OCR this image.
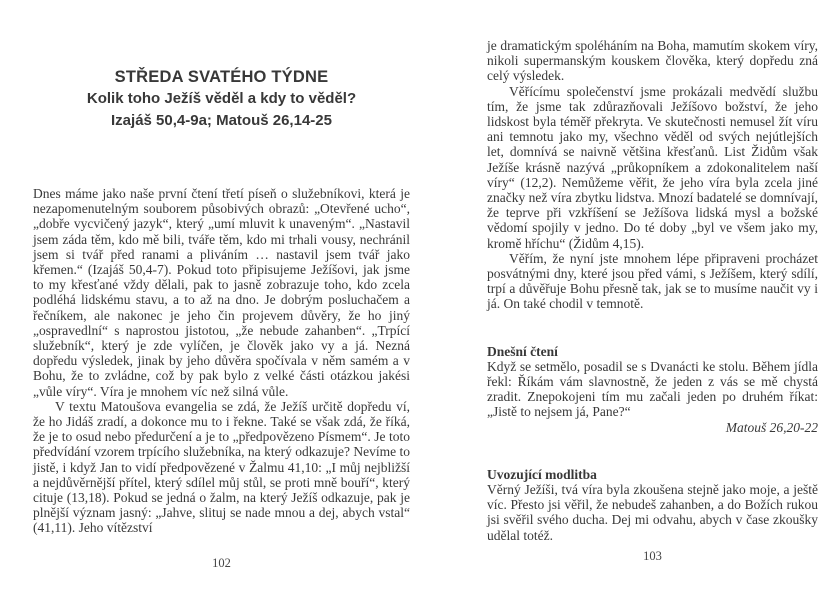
STŘEDA SVATÉHO TÝDNE
Kolik toho Ježíš věděl a kdy to věděl?
Izajáš 50,4-9a; Matouš 26,14-25

Dnes máme jako naše první čtení třetí píseň o služebníkovi, která je nezapomenutelným souborem působivých obrazů: „Otevřené ucho“, „dobře vycvičený jazyk“, který „umí mluvit k unaveným“. „Nastavil jsem záda těm, kdo mě bili, tváře těm, kdo mi trhali vousy, nechránil jsem si tvář před ranami a pliváním … nastavil jsem tvář jako křemen.“ (Izajáš 50,4-7). Pokud toto připisujeme Ježíšovi, jak jsme to my křesťané vždy dělali, pak to jasně zobrazuje toho, kdo zcela podléhá lidskému stavu, a to až na dno. Je dobrým posluchačem a řečníkem, ale nakonec je jeho čin projevem důvěry, že ho jiný „ospravedlní“ s naprostou jistotou, „že nebude zahanben“. „Trpící služebník“, který je zde vylíčen, je člověk jako vy a já. Nezná dopředu výsledek, jinak by jeho důvěra spočívala v něm samém a v Bohu, že to zvládne, což by pak bylo z velké části otázkou jakési „vůle víry“. Víra je mnohem víc než silná vůle.

V textu Matoušova evangelia se zdá, že Ježíš určitě dopředu ví, že ho Jidáš zradí, a dokonce mu to i řekne. Také se však zdá, že říká, že je to osud nebo předurčení a je to „předpovězeno Písmem“. Je toto předvídání vzorem trpícího služebníka, na který odkazuje? Nevíme to jistě, i když Jan to vidí předpovězené v Žalmu 41,10: „I můj nejbližší a nejdůvěrnější přítel, který sdílel můj stůl, se proti mně bouří“, který cituje (13,18). Pokud se jedná o žalm, na který Ježíš odkazuje, pak je plnější význam jasný: „Jahve, slituj se nade mnou a dej, abych vstal“ (41,11). Jeho vítězství

102

je dramatickým spoléháním na Boha, mamutím skokem víry, nikoli supermanským kouskem člověka, který dopředu zná celý výsledek.

Věřícímu společenství jsme prokázali medvědí službu tím, že jsme tak zdůrazňovali Ježíšovo božství, že jeho lidskost byla téměř překryta. Ve skutečnosti nemusel žít víru ani temnotu jako my, všechno věděl od svých nejútlejších let, domnívá se naivně většina křesťanů. List Židům však Ježíše krásně nazývá „průkopníkem a zdokonalitelem naší víry“ (12,2). Nemůžeme věřit, že jeho víra byla zcela jiné značky než víra zbytku lidstva. Mnozí badatelé se domnívají, že teprve při vzkříšení se Ježíšova lidská mysl a božské vědomí spojily v jedno. Do té doby „byl ve všem jako my, kromě hříchu“ (Židům 4,15).

Věřím, že nyní jste mnohem lépe připraveni procházet posvátnými dny, které jsou před vámi, s Ježíšem, který sdílí, trpí a důvěřuje Bohu přesně tak, jak se to musíme naučit vy i já. On také chodil v temnotě.

Dnešní čtení

Když se setmělo, posadil se s Dvanácti ke stolu. Během jídla řekl: Říkám vám slavnostně, že jeden z vás se mě chystá zradit. Znepokojeni tím mu začali jeden po druhém říkat: „Jistě to nejsem já, Pane?“

Matouš 26,20-22

Uvozující modlitba

Věrný Ježíši, tvá víra byla zkoušena stejně jako moje, a ještě víc. Přesto jsi věřil, že nebudeš zahanben, a do Božích rukou jsi svěřil svého ducha. Dej mi odvahu, abych v čase zkoušky udělal totéž.

103
